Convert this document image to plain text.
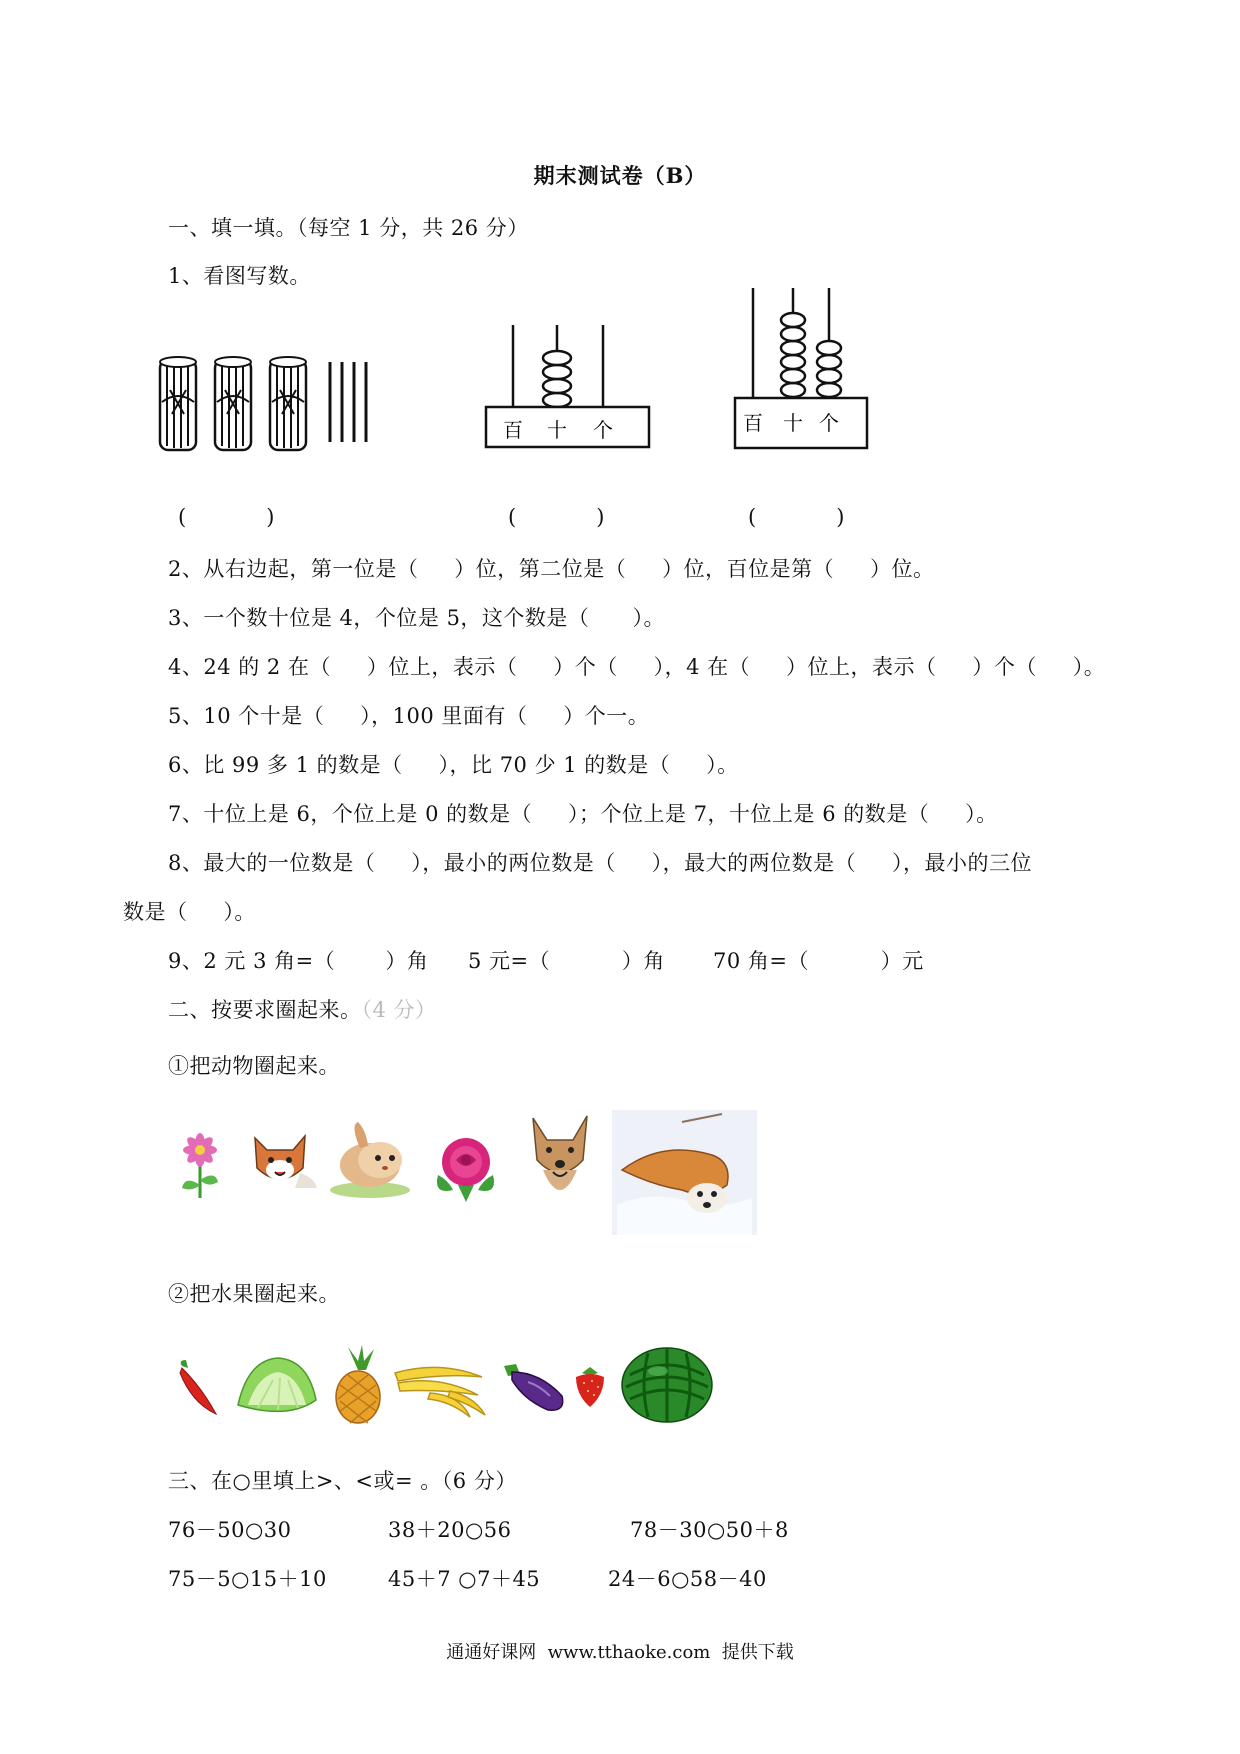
期末测试卷（B）
一、填一填。（每空 1 分，共 26 分）
1、看图写数。
百 十 个	百 十 个
(            )	(            )	(            )
2、从右边起，第一位是（     ）位，第二位是（     ）位，百位是第（     ）位。
3、一个数十位是 4，个位是 5，这个数是（      ）。
4、24 的 2 在（     ）位上，表示（     ）个（     ），4 在（     ）位上，表示（     ）个（     ）。
5、10 个十是（     ），100 里面有（     ）个一。
6、比 99 多 1 的数是（     ），比 70 少 1 的数是（     ）。
7、十位上是 6，个位上是 0 的数是（     ）；个位上是 7，十位上是 6 的数是（     ）。
8、最大的一位数是（     ），最小的两位数是（     ），最大的两位数是（     ），最小的三位
数是（     ）。
9、2 元 3 角=（       ）角 5 元=（          ）角 70 角=（          ）元
二、按要求圈起来。（4 分）
①把动物圈起来。
②把水果圈起来。
三、在○里填上>、<或= 。（6 分）
76－50○30	38＋20○56	78－30○50＋8
75－5○15＋10	45＋7 ○7＋45	24－6○58－40
通通好课网  www.tthaoke.com  提供下载
